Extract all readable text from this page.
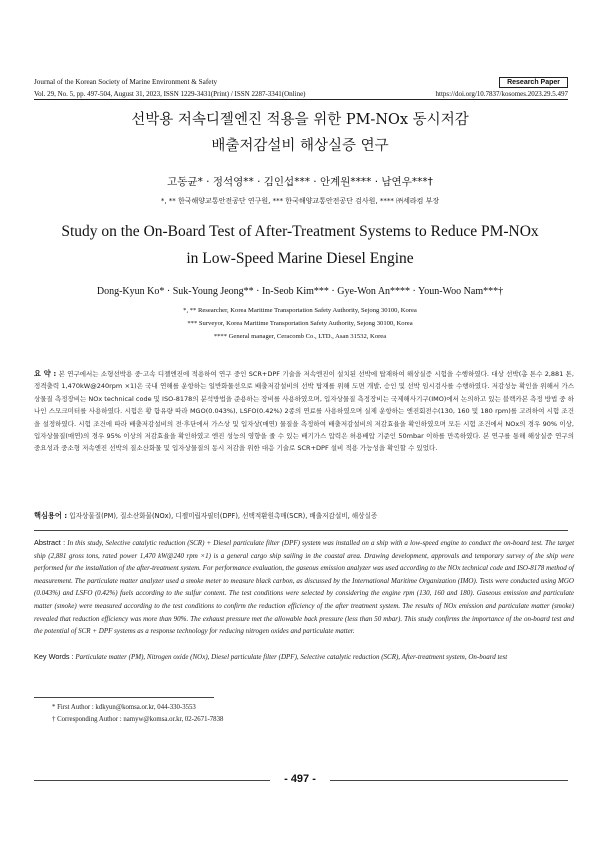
Journal of the Korean Society of Marine Environment & Safety	Research Paper
Vol. 29, No. 5, pp. 497-504, August 31, 2023, ISSN 1229-3431(Print) / ISSN 2287-3341(Online)	https://doi.org/10.7837/kosomes.2023.29.5.497
선박용 저속디젤엔진 적용을 위한 PM-NOx 동시저감
배출저감설비 해상실증 연구
고동균* · 정석영** · 김인섭*** · 안계원**** · 남연우***†
*, ** 한국해양교통안전공단 연구원, *** 한국해양교통안전공단 검사원, **** ㈜세라컴 부장
Study on the On-Board Test of After-Treatment Systems to Reduce PM-NOx
in Low-Speed Marine Diesel Engine
Dong-Kyun Ko* · Suk-Young Jeong** · In-Seob Kim*** · Gye-Won An**** · Youn-Woo Nam***†
*, ** Researcher, Korea Maritime Transportation Safety Authority, Sejong 30100, Korea
*** Surveyor, Korea Maritime Transportation Safety Authority, Sejong 30100, Korea
**** General manager, Ceracomb Co., LTD., Asan 31532, Korea
요 약 : 본 연구에서는 소형선박용 중·고속 디젤엔진에 적용하여 연구 중인 SCR+DPF 기술을 저속엔진이 설치된 선박에 탑재하여 해상실증 시험을 수행하였다. 대상 선박(총 톤수 2,881 톤, 정격출력 1,470kW@240rpm ×1)은 국내 연해를 운항하는 일반화물선으로 배출저감설비의 선박 탑재를 위해 도면 개발, 승인 및 선박 임시검사를 수행하였다. 저감성능 확인을 위해서 가스상물질 측정장비는 NOx technical code 및 ISO-8178의 분석방법을 준용하는 장비를 사용하였으며, 입자상물질 측정장비는 국제해사기구(IMO)에서 논의하고 있는 블랙카본 측정 방법 중 하나인 스모크미터를 사용하였다. 시험은 황 함유량 따라 MGO(0.043%), LSFO(0.42%) 2종의 연료를 사용하였으며 실제 운항하는 엔진회전수(130, 160 및 180 rpm)를 고려하여 시험 조건을 설정하였다. 시험 조건에 따라 배출저감설비의 전·후단에서 가스상 및 입자상(매연) 물질을 측정하여 배출저감설비의 저감효율을 확인하였으며 모든 시험 조건에서 NOx의 경우 90% 이상, 입자상물질(매연)의 경우 95% 이상의 저감효율을 확인하였고 엔진 성능의 영향을 줄 수 있는 배기가스 압력은 허용배압 기준인 50mbar 이하를 만족하였다. 본 연구를 통해 해상실증 연구의 중요성과 중소형 저속엔진 선박의 질소산화물 및 입자상물질의 동시 저감을 위한 대응 기술로 SCR+DPF 설비 적용 가능성을 확인할 수 있었다.
핵심용어 : 입자상물질(PM), 질소산화물(NOx), 디젤미립자필터(DPF), 선택적환원촉매(SCR), 배출저감설비, 해상실증
Abstract : In this study, Selective catalytic reduction (SCR) + Diesel particulate filter (DPF) system was installed on a ship with a low-speed engine to conduct the on-board test. The target ship (2,881 gross tons, rated power 1,470 kW@240 rpm ×1) is a general cargo ship sailing in the coastal area. Drawing development, approvals and temporary survey of the ship were performed for the installation of the after-treatment system. For performance evaluation, the gaseous emission analyzer was used according to the NOx technical code and ISO-8178 method of measurement. The particulate matter analyzer used a smoke meter to measure black carbon, as discussed by the International Maritime Organization (IMO). Tests were conducted using MGO (0.043%) and LSFO (0.42%) fuels according to the sulfur content. The test conditions were selected by considering the engine rpm (130, 160 and 180). Gaseous emission and particulate matter (smoke) were measured according to the test conditions to confirm the reduction efficiency of the after treatment system. The results of NOx emission and particulate matter (smoke) revealed that reduction efficiency was more than 90%. The exhaust pressure met the allowable back pressure (less than 50 mbar). This study confirms the importance of the on-board test and the potential of SCR + DPF systems as a response technology for reducing nitrogen oxides and particulate matter.
Key Words : Particulate matter (PM), Nitrogen oxide (NOx), Diesel particulate filter (DPF), Selective catalytic reduction (SCR), After-treatment system, On-board test
* First Author : kdkyun@komsa.or.kr, 044-330-3553
† Corresponding Author : namyw@komsa.or.kr, 02-2671-7838
- 497 -
